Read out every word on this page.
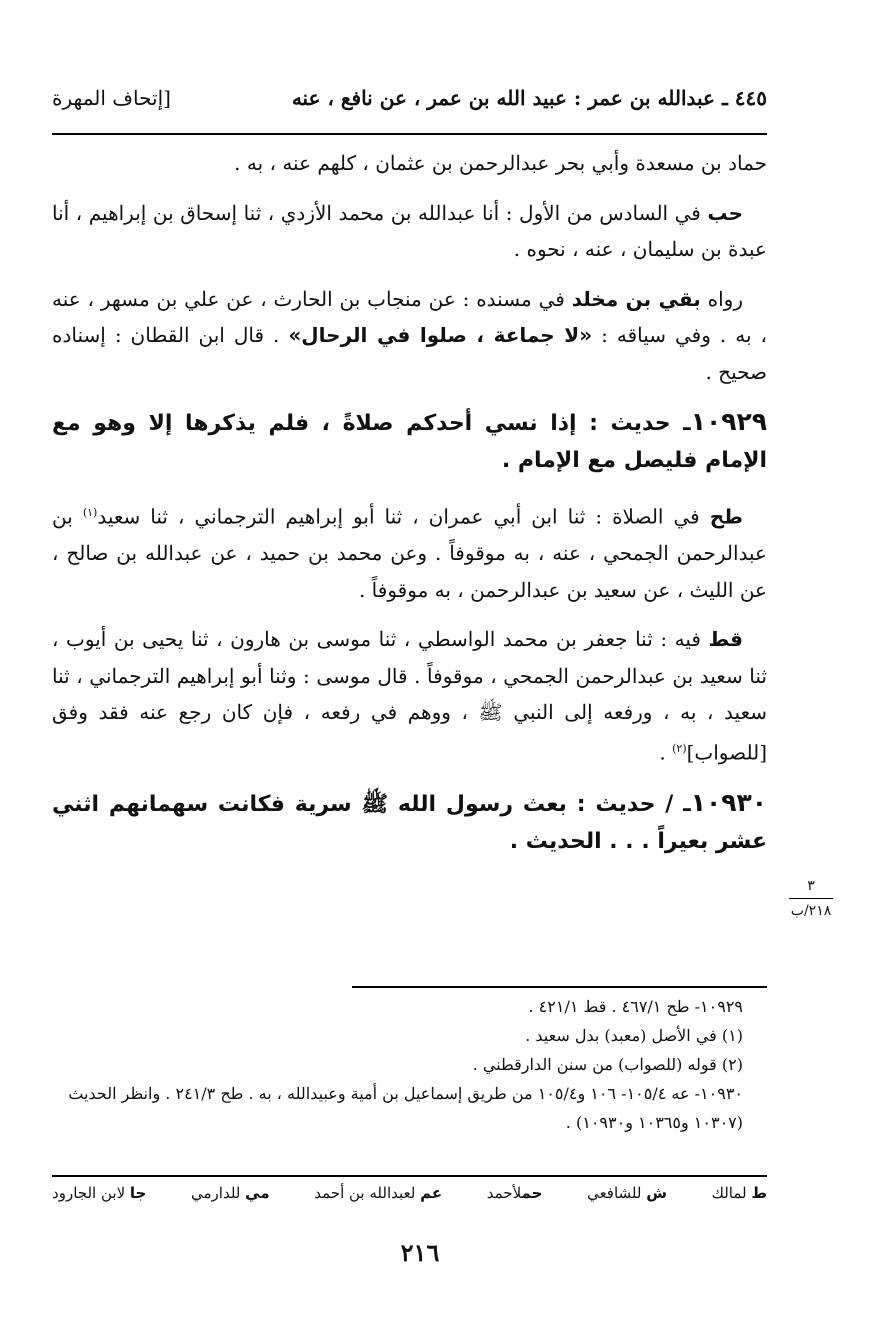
٤٤٥ ـ عبدالله بن عمر : عبيد الله بن عمر ، عن نافع ، عنه
[إتحاف المهرة

حماد بن مسعدة وأبي بحر عبدالرحمن بن عثمان ، كلهم عنه ، به .

حب في السادس من الأول : أنا عبدالله بن محمد الأزدي ، ثنا إسحاق بن إبراهيم ، أنا عبدة بن سليمان ، عنه ، نحوه .

رواه بقي بن مخلد في مسنده : عن منجاب بن الحارث ، عن علي بن مسهر ، عنه ، به . وفي سياقه : «لا جماعة ، صلوا في الرحال» . قال ابن القطان : إسناده صحيح .

١٠٩٢٩ـ حديث : إذا نسي أحدكم صلاةً ، فلم يذكرها إلا وهو مع الإمام فليصل مع الإمام .

طح في الصلاة : ثنا ابن أبي عمران ، ثنا أبو إبراهيم الترجماني ، ثنا سعيد$^{(١)}$ بن عبدالرحمن الجمحي ، عنه ، به موقوفاً . وعن محمد بن حميد ، عن عبدالله بن صالح ، عن الليث ، عن سعيد بن عبدالرحمن ، به موقوفاً .

قط فيه : ثنا جعفر بن محمد الواسطي ، ثنا موسى بن هارون ، ثنا يحيى بن أيوب ، ثنا سعيد بن عبدالرحمن الجمحي ، موقوفاً . قال موسى : وثنا أبو إبراهيم الترجماني ، ثنا سعيد ، به ، ورفعه إلى النبي ﷺ ، ووهم في رفعه ، فإن كان رجع عنه فقد وفق [للصواب]$^{(٢)}$ .

١٠٩٣٠ـ / حديث : بعث رسول الله ﷺ سرية فكانت سهمانهم اثني عشر بعيراً . . . الحديث .

٣
٢١٨/ب
١٠٩٢٩- طح ٤٦٧/١ . قط ٤٢١/١ .
(١) في الأصل (معبد) بدل سعيد .
(٢) قوله (للصواب) من سنن الدارقطني .
١٠٩٣٠- عه ١٠٥/٤- ١٠٦ و١٠٥/٤ من طريق إسماعيل بن أمية وعبيدالله ، به . طح ٢٤١/٣ . وانظر الحديث (١٠٣٠٧ و١٠٣٦٥ و١٠٩٣٠) .
ط لمالك
ش للشافعي
حملأحمد
عم لعبدالله بن أحمد
مي للدارمي
جا لابن الجارود
٢١٦
